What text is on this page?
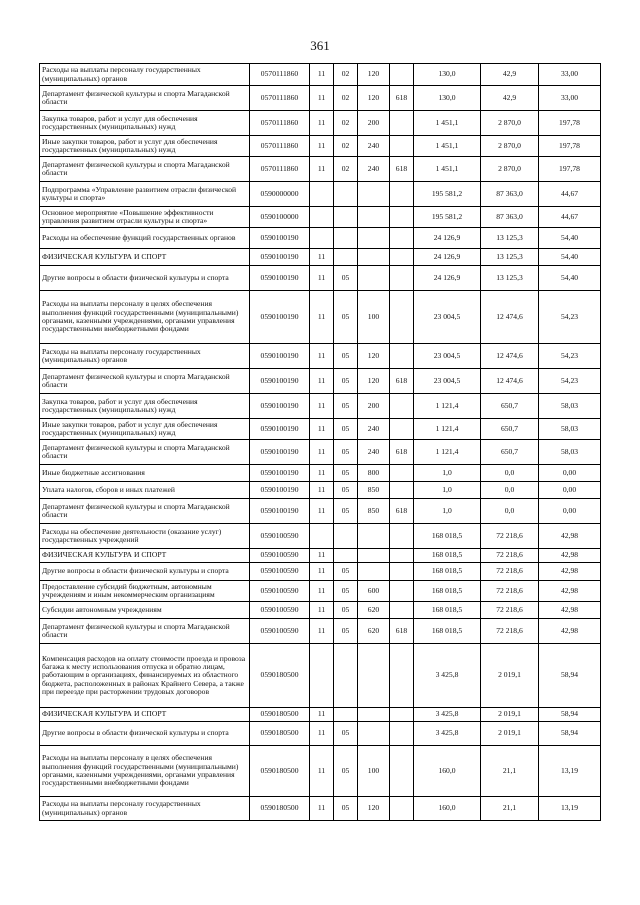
361
Расходы на выплаты персоналу государственных (муниципальных) органов	0570111860	11	02	120		130,0	42,9	33,00
Департамент физической культуры и спорта Магаданской области	0570111860	11	02	120	618	130,0	42,9	33,00
Закупка товаров, работ и услуг для обеспечения государственных (муниципальных) нужд	0570111860	11	02	200		1 451,1	2 870,0	197,78
Иные закупки товаров, работ и услуг для обеспечения государственных (муниципальных) нужд	0570111860	11	02	240		1 451,1	2 870,0	197,78
Департамент физической культуры и спорта Магаданской области	0570111860	11	02	240	618	1 451,1	2 870,0	197,78
Подпрограмма «Управление развитием отрасли физической культуры и спорта»	0590000000					195 581,2	87 363,0	44,67
Основное мероприятие «Повышение эффективности управления развитием отрасли культуры и спорта»	0590100000					195 581,2	87 363,0	44,67
Расходы на обеспечение функций государственных органов	0590100190					24 126,9	13 125,3	54,40
ФИЗИЧЕСКАЯ КУЛЬТУРА И СПОРТ	0590100190	11				24 126,9	13 125,3	54,40
Другие вопросы в области физической культуры и спорта	0590100190	11	05			24 126,9	13 125,3	54,40
Расходы на выплаты персоналу в целях обеспечения выполнения функций государственными (муниципальными) органами, казенными учреждениями, органами управления государственными внебюджетными фондами	0590100190	11	05	100		23 004,5	12 474,6	54,23
Расходы на выплаты персоналу государственных (муниципальных) органов	0590100190	11	05	120		23 004,5	12 474,6	54,23
Департамент физической культуры и спорта Магаданской области	0590100190	11	05	120	618	23 004,5	12 474,6	54,23
Закупка товаров, работ и услуг для обеспечения государственных (муниципальных) нужд	0590100190	11	05	200		1 121,4	650,7	58,03
Иные закупки товаров, работ и услуг для обеспечения государственных (муниципальных) нужд	0590100190	11	05	240		1 121,4	650,7	58,03
Департамент физической культуры и спорта Магаданской области	0590100190	11	05	240	618	1 121,4	650,7	58,03
Иные бюджетные ассигнования	0590100190	11	05	800		1,0	0,0	0,00
Уплата налогов, сборов и иных платежей	0590100190	11	05	850		1,0	0,0	0,00
Департамент физической культуры и спорта Магаданской области	0590100190	11	05	850	618	1,0	0,0	0,00
Расходы на обеспечение деятельности (оказание услуг) государственных учреждений	0590100590					168 018,5	72 218,6	42,98
ФИЗИЧЕСКАЯ КУЛЬТУРА И СПОРТ	0590100590	11				168 018,5	72 218,6	42,98
Другие вопросы в области физической культуры и спорта	0590100590	11	05			168 018,5	72 218,6	42,98
Предоставление субсидий бюджетным, автономным учреждениям и иным некоммерческим организациям	0590100590	11	05	600		168 018,5	72 218,6	42,98
Субсидии автономным учреждениям	0590100590	11	05	620		168 018,5	72 218,6	42,98
Департамент физической культуры и спорта Магаданской области	0590100590	11	05	620	618	168 018,5	72 218,6	42,98
Компенсация расходов на оплату стоимости проезда и провоза багажа к месту использования отпуска и обратно лицам, работающим в организациях, финансируемых из областного бюджета, расположенных в районах Крайнего Севера, а также при переезде при расторжении трудовых договоров	0590180500					3 425,8	2 019,1	58,94
ФИЗИЧЕСКАЯ КУЛЬТУРА И СПОРТ	0590180500	11				3 425,8	2 019,1	58,94
Другие вопросы в области физической культуры и спорта	0590180500	11	05			3 425,8	2 019,1	58,94
Расходы на выплаты персоналу в целях обеспечения выполнения функций государственными (муниципальными) органами, казенными учреждениями, органами управления государственными внебюджетными фондами	0590180500	11	05	100		160,0	21,1	13,19
Расходы на выплаты персоналу государственных (муниципальных) органов	0590180500	11	05	120		160,0	21,1	13,19
